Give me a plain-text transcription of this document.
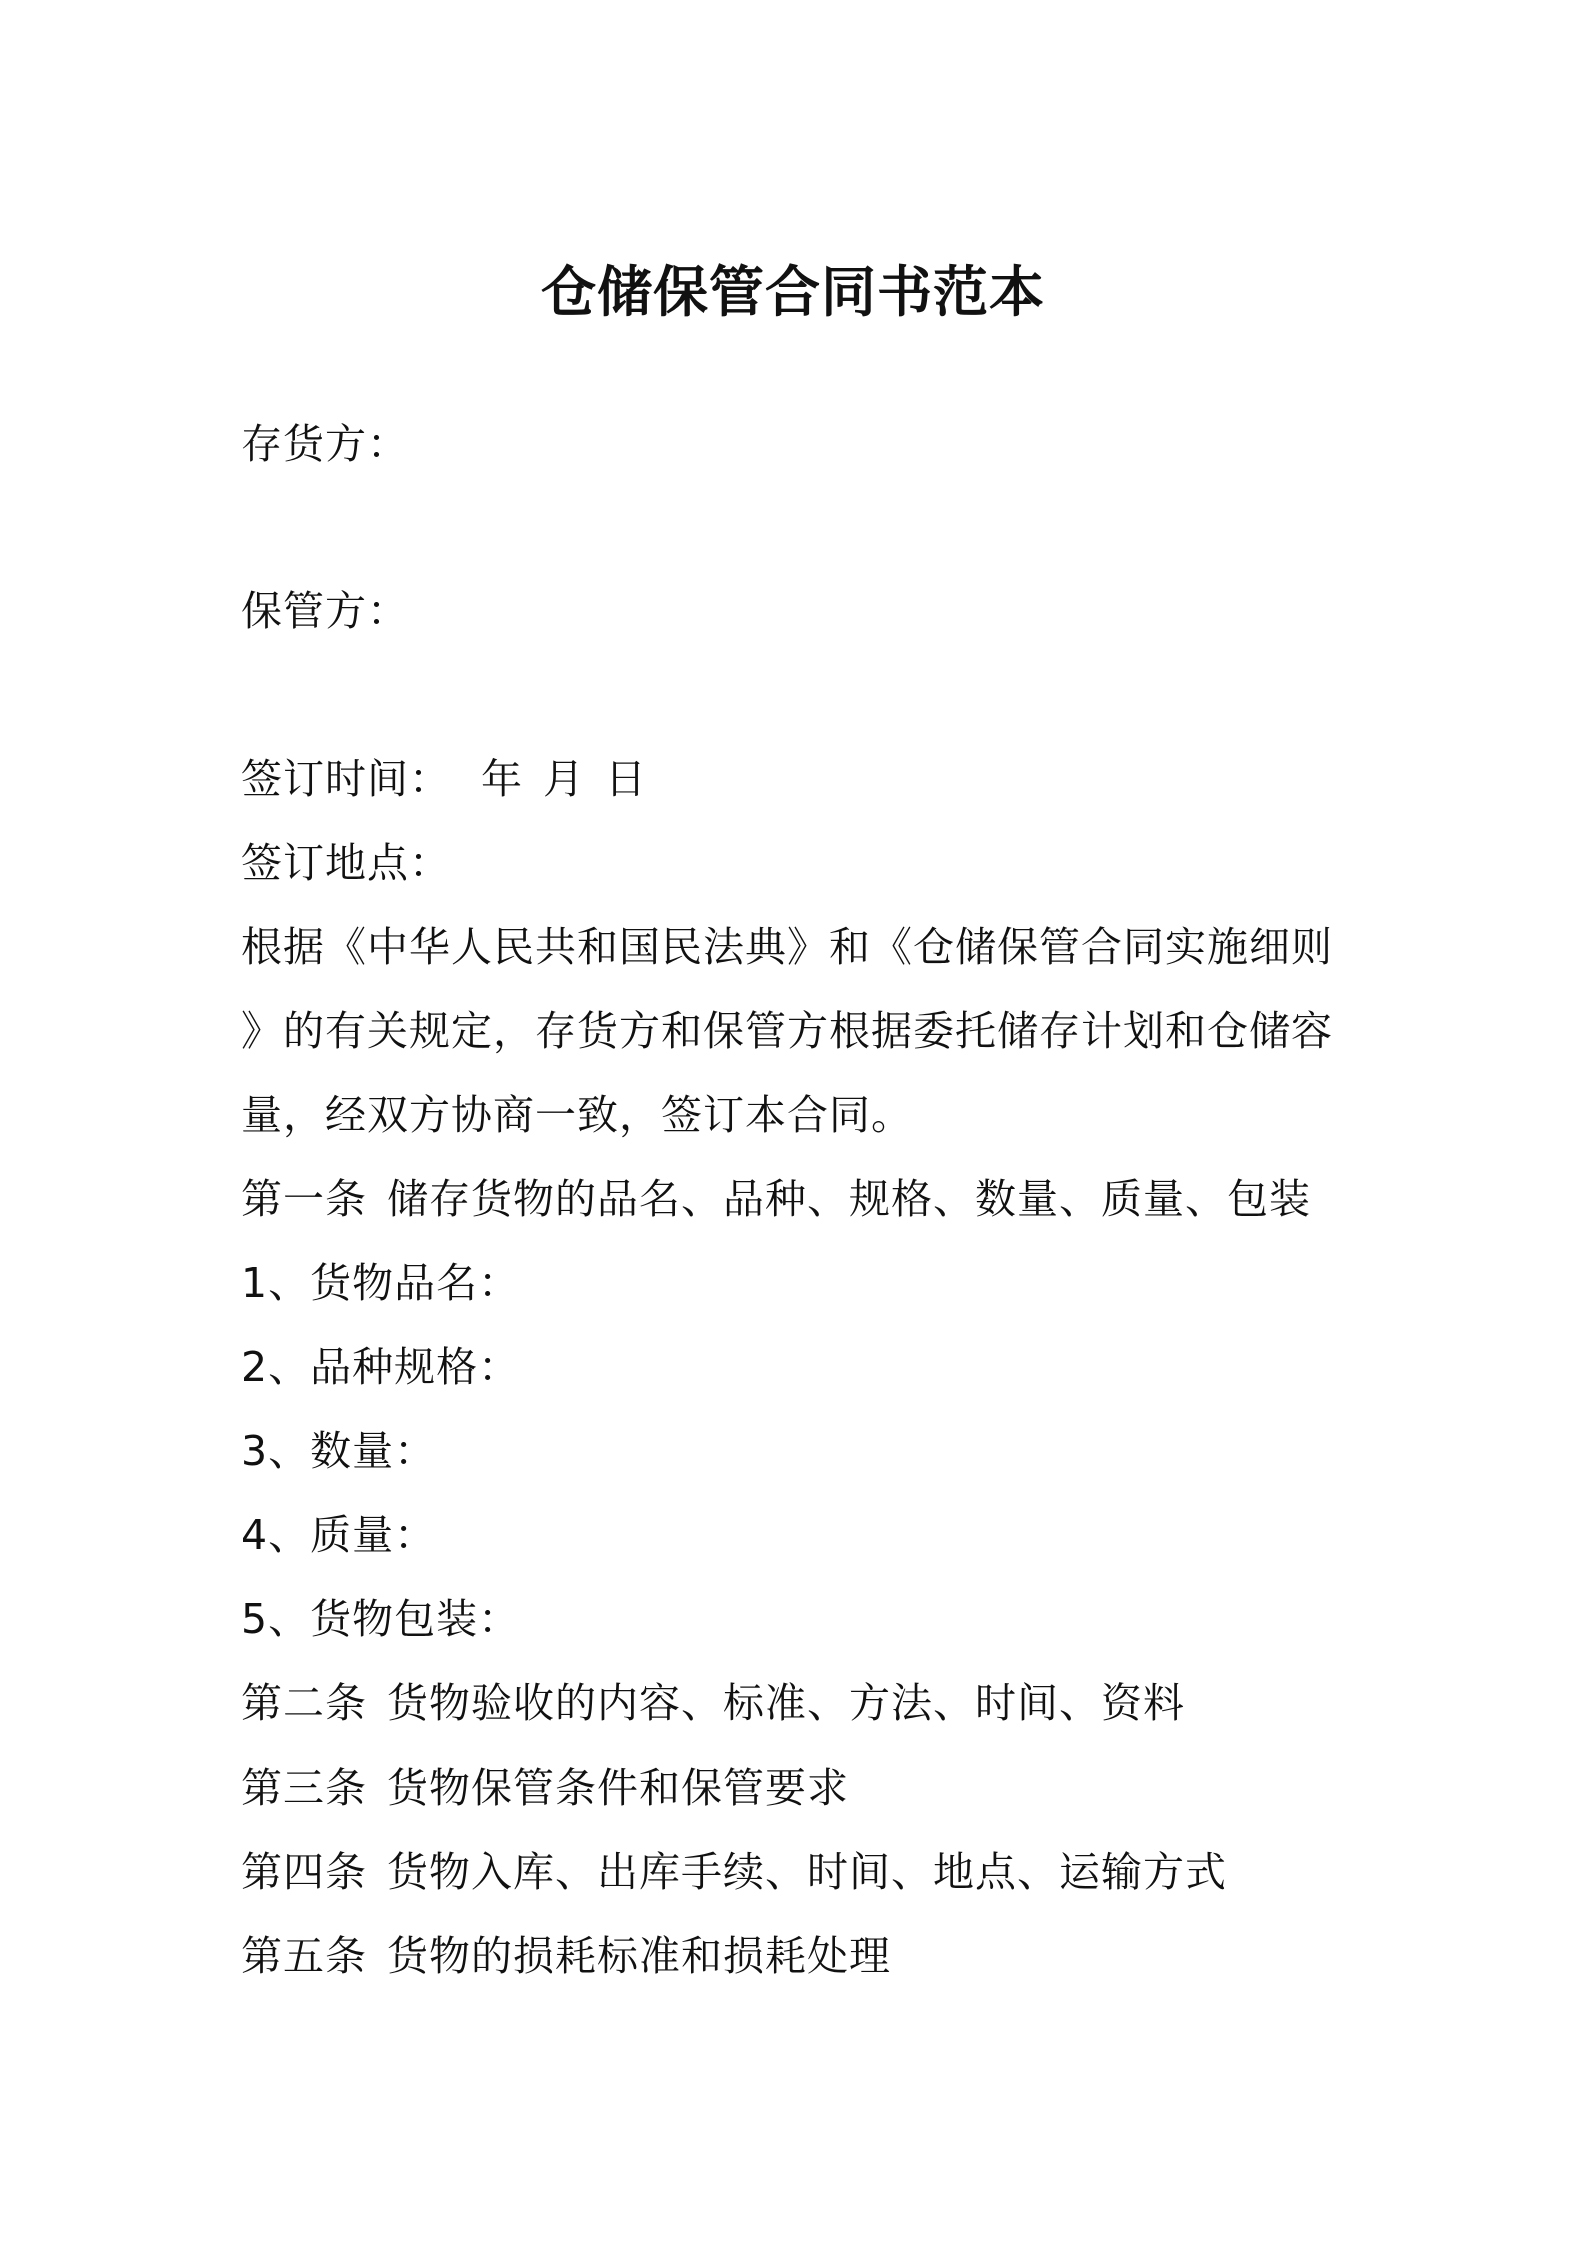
仓储保管合同书范本
存货方：
保管方：
签订时间： 年 月 日
签订地点：
根据《中华人民共和国民法典》和《仓储保管合同实施细则
》的有关规定，存货方和保管方根据委托储存计划和仓储容
量，经双方协商一致，签订本合同。
第一条 储存货物的品名、品种、规格、数量、质量、包装
1、货物品名：
2、品种规格：
3、数量：
4、质量：
5、货物包装：
第二条 货物验收的内容、标准、方法、时间、资料
第三条 货物保管条件和保管要求
第四条 货物入库、出库手续、时间、地点、运输方式
第五条 货物的损耗标准和损耗处理
